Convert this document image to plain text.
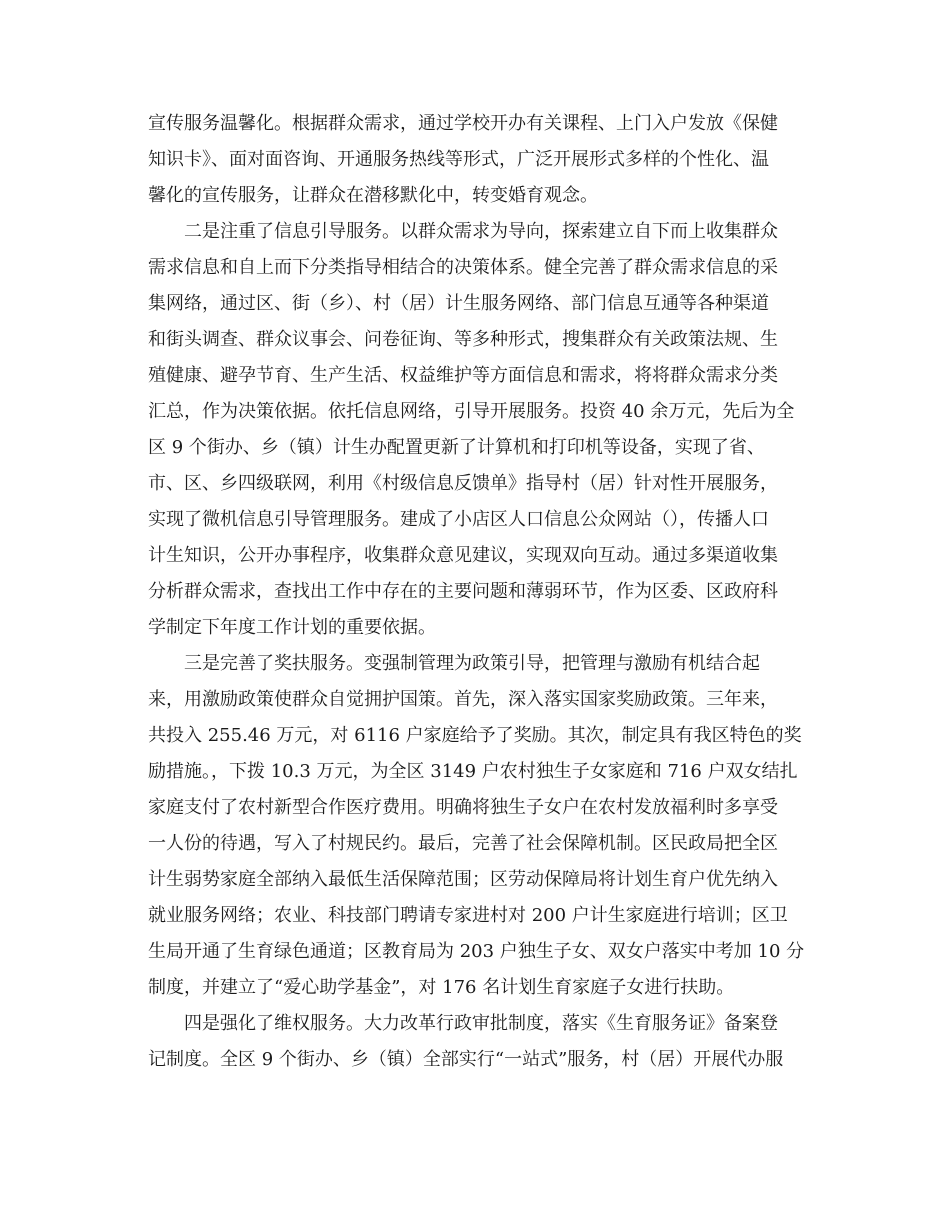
宣传服务温馨化。根据群众需求，通过学校开办有关课程、上门入户发放《保健
知识卡》、面对面咨询、开通服务热线等形式，广泛开展形式多样的个性化、温
馨化的宣传服务，让群众在潜移默化中，转变婚育观念。
二是注重了信息引导服务。以群众需求为导向，探索建立自下而上收集群众
需求信息和自上而下分类指导相结合的决策体系。健全完善了群众需求信息的采
集网络，通过区、街（乡）、村（居）计生服务网络、部门信息互通等各种渠道
和街头调查、群众议事会、问卷征询、等多种形式，搜集群众有关政策法规、生
殖健康、避孕节育、生产生活、权益维护等方面信息和需求，将将群众需求分类
汇总，作为决策依据。依托信息网络，引导开展服务。投资 40 余万元，先后为全
区 9 个街办、乡（镇）计生办配置更新了计算机和打印机等设备，实现了省、
市、区、乡四级联网，利用《村级信息反馈单》指导村（居）针对性开展服务，
实现了微机信息引导管理服务。建成了小店区人口信息公众网站（），传播人口
计生知识，公开办事程序，收集群众意见建议，实现双向互动。通过多渠道收集
分析群众需求，查找出工作中存在的主要问题和薄弱环节，作为区委、区政府科
学制定下年度工作计划的重要依据。
三是完善了奖扶服务。变强制管理为政策引导，把管理与激励有机结合起
来，用激励政策使群众自觉拥护国策。首先，深入落实国家奖励政策。三年来，
共投入 255.46 万元，对 6116 户家庭给予了奖励。其次，制定具有我区特色的奖
励措施。，下拨 10.3 万元，为全区 3149 户农村独生子女家庭和 716 户双女结扎
家庭支付了农村新型合作医疗费用。明确将独生子女户在农村发放福利时多享受
一人份的待遇，写入了村规民约。最后，完善了社会保障机制。区民政局把全区
计生弱势家庭全部纳入最低生活保障范围；区劳动保障局将计划生育户优先纳入
就业服务网络；农业、科技部门聘请专家进村对 200 户计生家庭进行培训；区卫
生局开通了生育绿色通道；区教育局为 203 户独生子女、双女户落实中考加 10 分
制度，并建立了“爱心助学基金”，对 176 名计划生育家庭子女进行扶助。
四是强化了维权服务。大力改革行政审批制度，落实《生育服务证》备案登
记制度。全区 9 个街办、乡（镇）全部实行“一站式”服务，村（居）开展代办服
